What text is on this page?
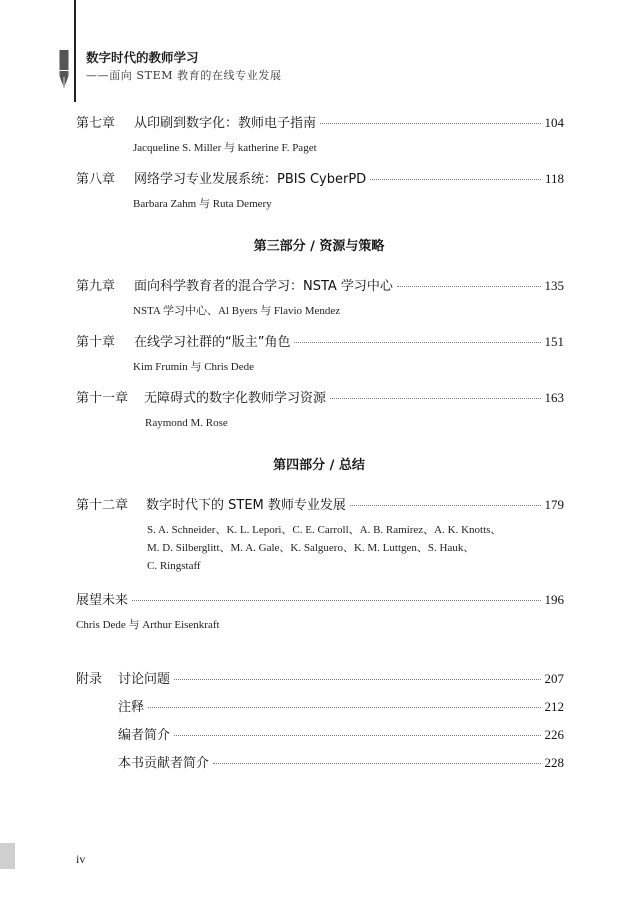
数字时代的教师学习
——面向 STEM 教育的在线专业发展
第七章	从印刷到数字化：教师电子指南	104
Jacqueline S. Miller 与 katherine F. Paget
第八章	网络学习专业发展系统：PBIS CyberPD	118
Barbara Zahm 与 Ruta Demery
第三部分 / 资源与策略
第九章	面向科学教育者的混合学习：NSTA 学习中心	135
NSTA 学习中心、Al Byers 与 Flavio Mendez
第十章	在线学习社群的“版主”角色	151
Kim Frumin 与 Chris Dede
第十一章	无障碍式的数字化教师学习资源	163
Raymond M. Rose
第四部分 / 总结
第十二章	数字时代下的 STEM 教师专业发展	179
S. A. Schneider、K. L. Lepori、C. E. Carroll、A. B. Ramirez、A. K. Knotts、
M. D. Silberglitt、M. A. Gale、K. Salguero、K. M. Luttgen、S. Hauk、
C. Ringstaff
展望未来	196
Chris Dede 与 Arthur Eisenkraft
附录	讨论问题	207
注释	212
编者简介	226
本书贡献者简介	228
iv
